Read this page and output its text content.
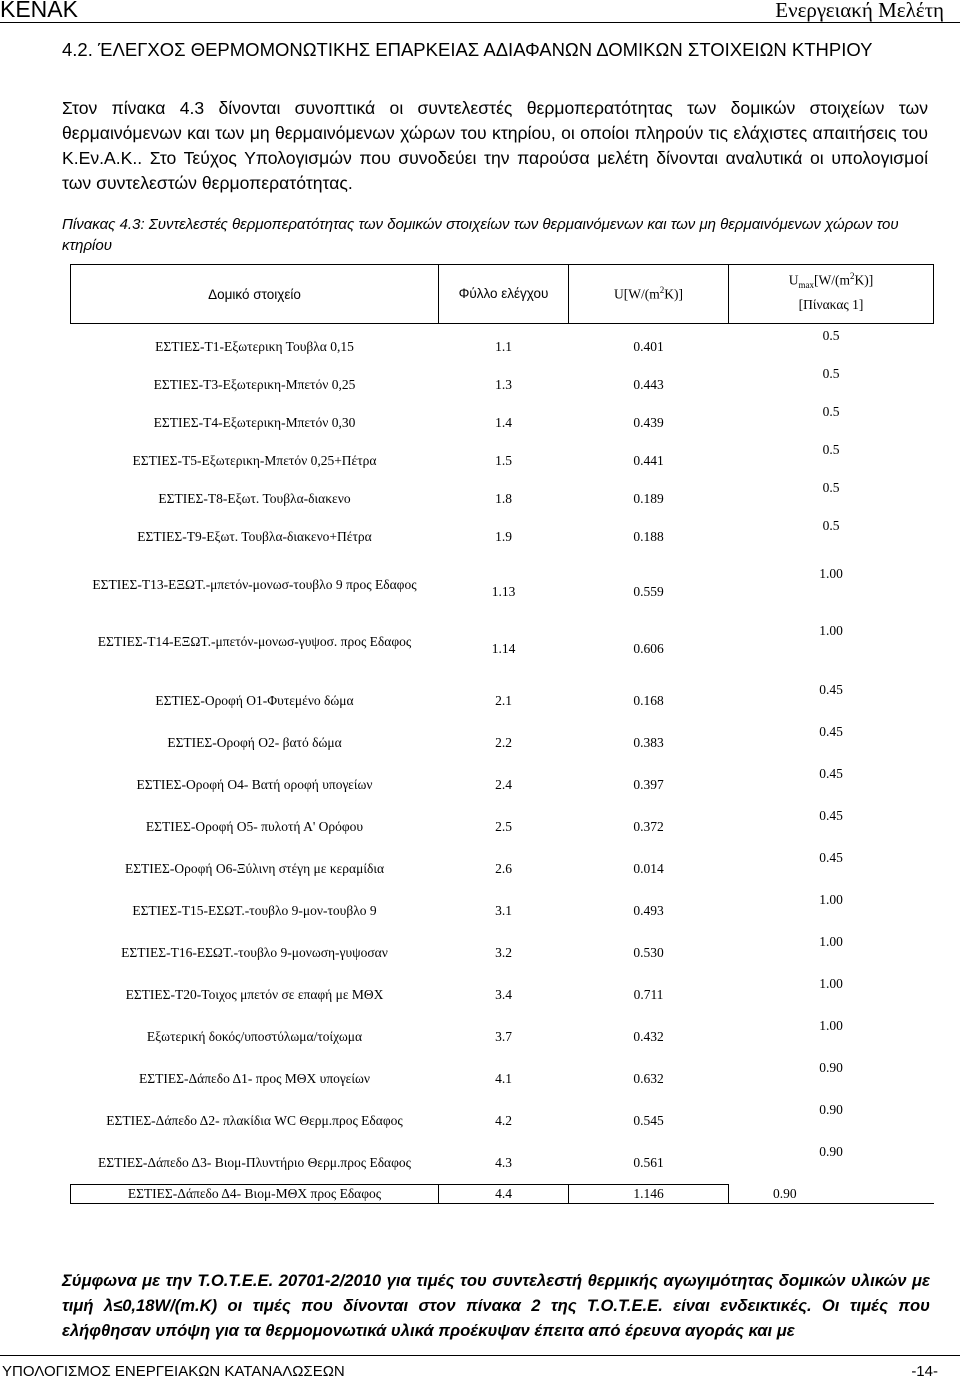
KENAK	Ενεργειακή Μελέτη
4.2. ΈΛΕΓΧΟΣ ΘΕΡΜΟΜΟΝΩΤΙΚΗΣ ΕΠΑΡΚΕΙΑΣ ΑΔΙΑΦΑΝΩΝ ΔΟΜΙΚΩΝ ΣΤΟΙΧΕΙΩΝ ΚΤΗΡΙΟΥ
Στον πίνακα 4.3 δίνονται συνοπτικά οι συντελεστές θερμοπερατότητας των δομικών στοιχείων των θερμαινόμενων και των μη θερμαινόμενων χώρων του κτηρίου, οι οποίοι πληρούν τις ελάχιστες απαιτήσεις του Κ.Εν.Α.Κ.. Στο Τεύχος Υπολογισμών που συνοδεύει την παρούσα μελέτη δίνονται αναλυτικά οι υπολογισμοί των συντελεστών θερμοπερατότητας.
Πίνακας 4.3: Συντελεστές θερμοπερατότητας των δομικών στοιχείων των θερμαινόμενων και των μη θερμαινόμενων χώρων του κτηρίου
Δομικό στοιχείο	Φύλλο ελέγχου	$U[W/(m^2K)]$	$U_{max}[W/(m^2K)]$
[Πίνακας 1]

ΕΣΤΙΕΣ-Τ1-Εξωτερικη Τουβλα 0,15	1.1	0.401	0.5
ΕΣΤΙΕΣ-Τ3-Εξωτερικη-Μπετόν 0,25	1.3	0.443	0.5
ΕΣΤΙΕΣ-Τ4-Εξωτερικη-Μπετόν 0,30	1.4	0.439	0.5
ΕΣΤΙΕΣ-Τ5-Εξωτερικη-Μπετόν 0,25+Πέτρα	1.5	0.441	0.5
ΕΣΤΙΕΣ-Τ8-Εξωτ. Τουβλα-διακενο	1.8	0.189	0.5
ΕΣΤΙΕΣ-Τ9-Εξωτ. Τουβλα-διακενο+Πέτρα	1.9	0.188	0.5
ΕΣΤΙΕΣ-Τ13-ΕΞΩΤ.-μπετόν-μονωσ-τουβλο 9 προς Εδαφος	1.13	0.559	1.00
ΕΣΤΙΕΣ-Τ14-ΕΞΩΤ.-μπετόν-μονωσ-γυψοσ. προς Εδαφος	1.14	0.606	1.00

ΕΣΤΙΕΣ-Οροφή Ο1-Φυτεμένο δώμα	2.1	0.168	0.45
ΕΣΤΙΕΣ-Οροφή Ο2- βατό δώμα	2.2	0.383	0.45
ΕΣΤΙΕΣ-Οροφή Ο4- Βατή οροφή υπογείων	2.4	0.397	0.45
ΕΣΤΙΕΣ-Οροφή Ο5- πυλοτή Α' Ορόφου	2.5	0.372	0.45
ΕΣΤΙΕΣ-Οροφή Ο6-Ξύλινη στέγη με κεραμίδια	2.6	0.014	0.45
ΕΣΤΙΕΣ-Τ15-ΕΣΩΤ.-τουβλο 9-μον-τουβλο 9	3.1	0.493	1.00
ΕΣΤΙΕΣ-Τ16-ΕΣΩΤ.-τουβλο 9-μονωση-γυψοσαν	3.2	0.530	1.00
ΕΣΤΙΕΣ-Τ20-Τοιχος μπετόν σε επαφή με ΜΘΧ	3.4	0.711	1.00
Εξωτερική δοκός/υποστύλωμα/τοίχωμα	3.7	0.432	1.00
ΕΣΤΙΕΣ-Δάπεδο Δ1- προς ΜΘΧ υπογείων	4.1	0.632	0.90
ΕΣΤΙΕΣ-Δάπεδο Δ2- πλακίδια WC Θερμ.προς Εδαφος	4.2	0.545	0.90
ΕΣΤΙΕΣ-Δάπεδο Δ3- Βιομ-Πλυντήριο Θερμ.προς Εδαφος	4.3	0.561	0.90
ΕΣΤΙΕΣ-Δάπεδο Δ4- Βιομ-ΜΘΧ προς Εδαφος	4.4	1.146	0.90
Σύμφωνα με την Τ.Ο.Τ.Ε.Ε. 20701-2/2010 για τιμές του συντελεστή θερμικής αγωγιμότητας δομικών υλικών με τιμή λ≤0,18W/(m.K) οι τιμές που δίνονται στον πίνακα 2 της Τ.Ο.Τ.Ε.Ε. είναι ενδεικτικές. Οι τιμές που ελήφθησαν υπόψη για τα θερμομονωτικά υλικά προέκυψαν έπειτα από έρευνα αγοράς και με
ΥΠΟΛΟΓΙΣΜΟΣ ΕΝΕΡΓΕΙΑΚΩΝ ΚΑΤΑΝΑΛΩΣΕΩΝ	-14-
